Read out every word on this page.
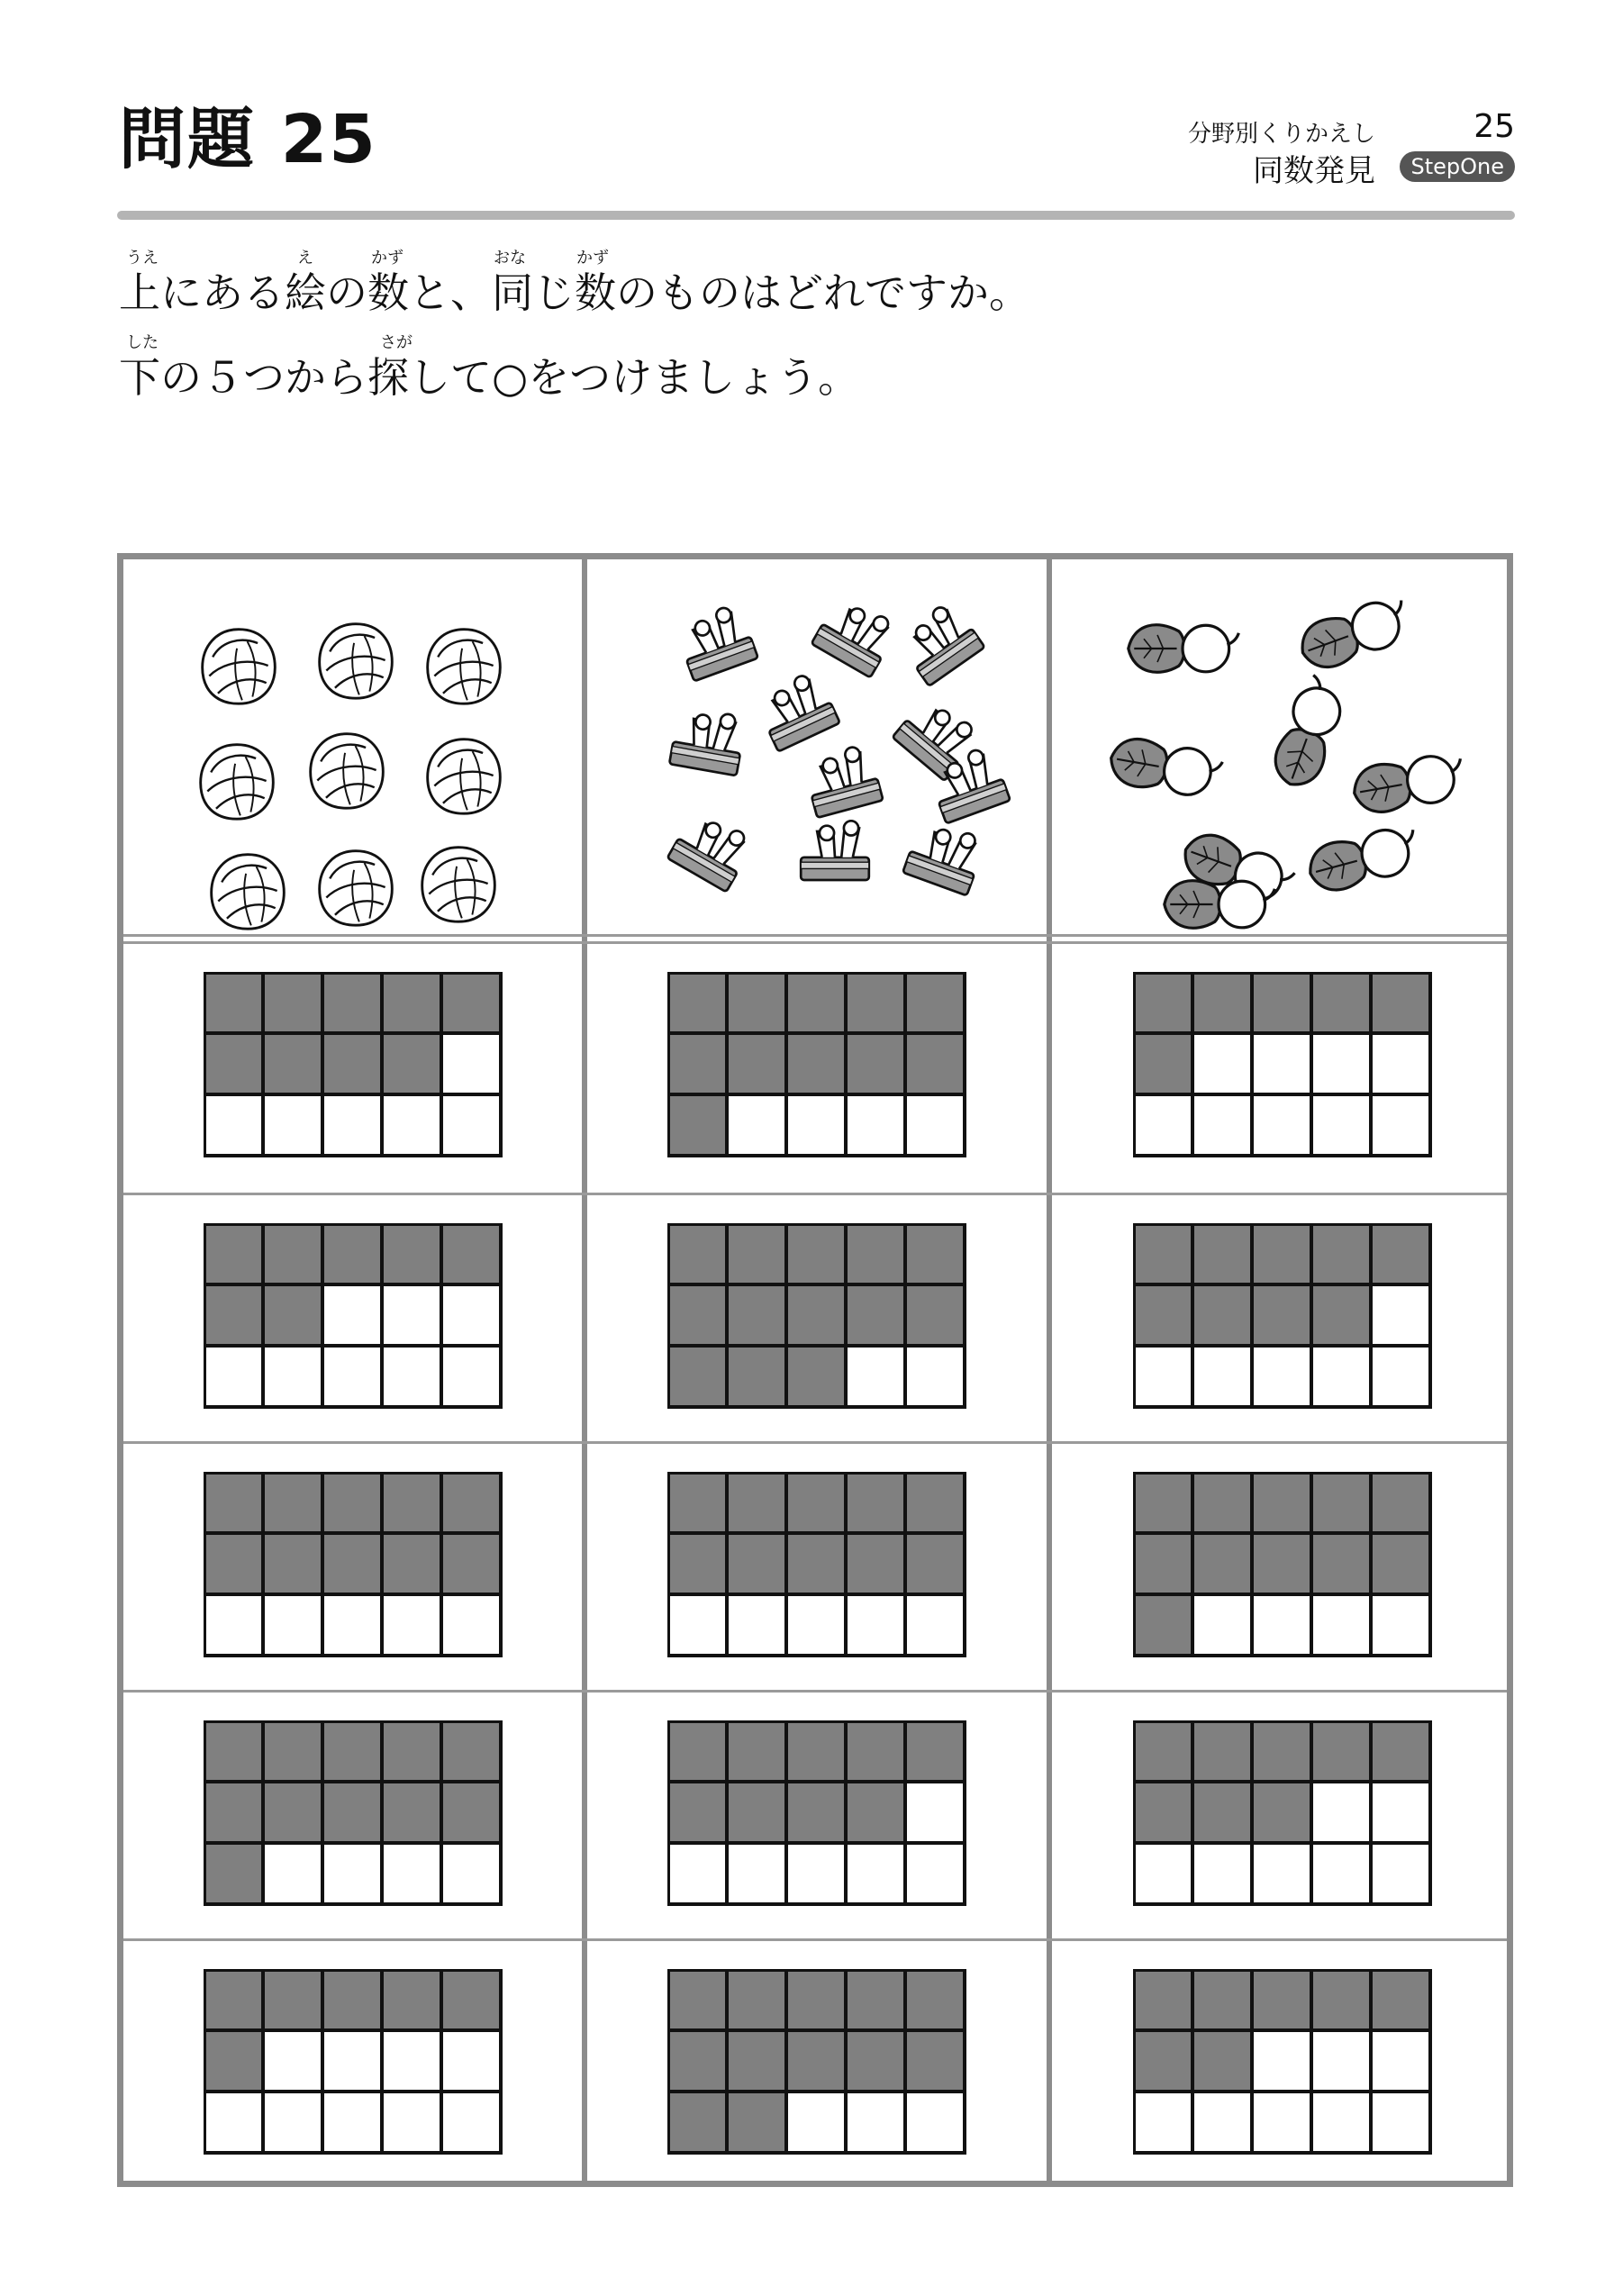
問題 25	分野別くりかえし	25
同数発見	StepOne
うえ	え	かず	おな	かず
上にある絵の数と、同じ数のものはどれですか。
した	さが
下の５つから探して○をつけましょう。
